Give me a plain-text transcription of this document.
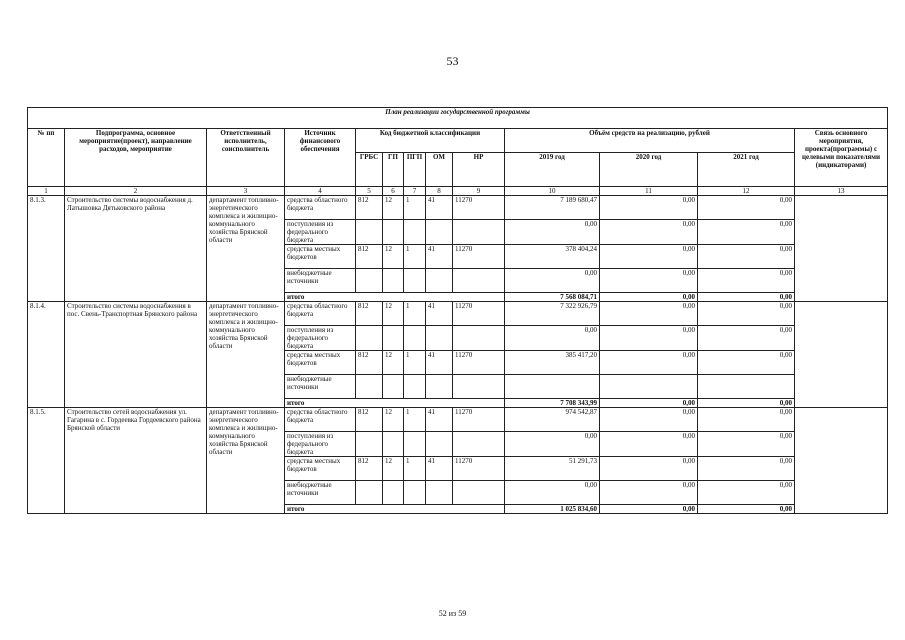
53
План реализации государственной программы												
№ пп	Подпрограмма, основное мероприятие(проект), направление расходов, мероприятие	Ответственный исполнитель, соисполнитель	Источник финансового обеспечения	Код бюджетной классификации					Объём средств на реализацию, рублей			Связь основного мероприятия, проекта(программы) с целевыми показателями (индикаторами)
				ГРБС	ГП	ПГП	ОМ	НР	2019 год	2020 год	2021 год	
1	2	3	4	5	6	7	8	9	10	11	12	13
8.1.3.	Строительство системы водоснабжения д. Латышовка Дятьковского района	департамент топливно-энергетического комплекса и жилищно-коммунального хозяйства Брянской области	средства областного бюджета	812	12	1	41	11270	7 189 680,47	0,00	0,00	
			поступления из федерального бюджета						0,00	0,00	0,00	
			средства местных бюджетов	812	12	1	41	11270	378 404,24	0,00	0,00	
			внебюджетные источники						0,00	0,00	0,00	
			итого						7 568 084,71	0,00	0,00	
8.1.4.	Строительство системы водоснабжения в пос. Свень-Транспортная Брянского района	департамент топливно-энергетического комплекса и жилищно-коммунального хозяйства Брянской области	средства областного бюджета	812	12	1	41	11270	7 322 926,79	0,00	0,00	
			поступления из федерального бюджета						0,00	0,00	0,00	
			средства местных бюджетов	812	12	1	41	11270	385 417,20	0,00	0,00	
			внебюджетные источники									
			итого						7 708 343,99	0,00	0,00	
8.1.5.	Строительство сетей водоснабжения ул. Гагарина в с. Гордеевка Гордеевского района Брянской области	департамент топливно-энергетического комплекса и жилищно-коммунального хозяйства Брянской области	средства областного бюджета	812	12	1	41	11270	974 542,87	0,00	0,00	
			поступления из федерального бюджета						0,00	0,00	0,00	
			средства местных бюджетов	812	12	1	41	11270	51 291,73	0,00	0,00	
			внебюджетные источники						0,00	0,00	0,00	
			итого						1 025 834,60	0,00	0,00	
52 из 59
